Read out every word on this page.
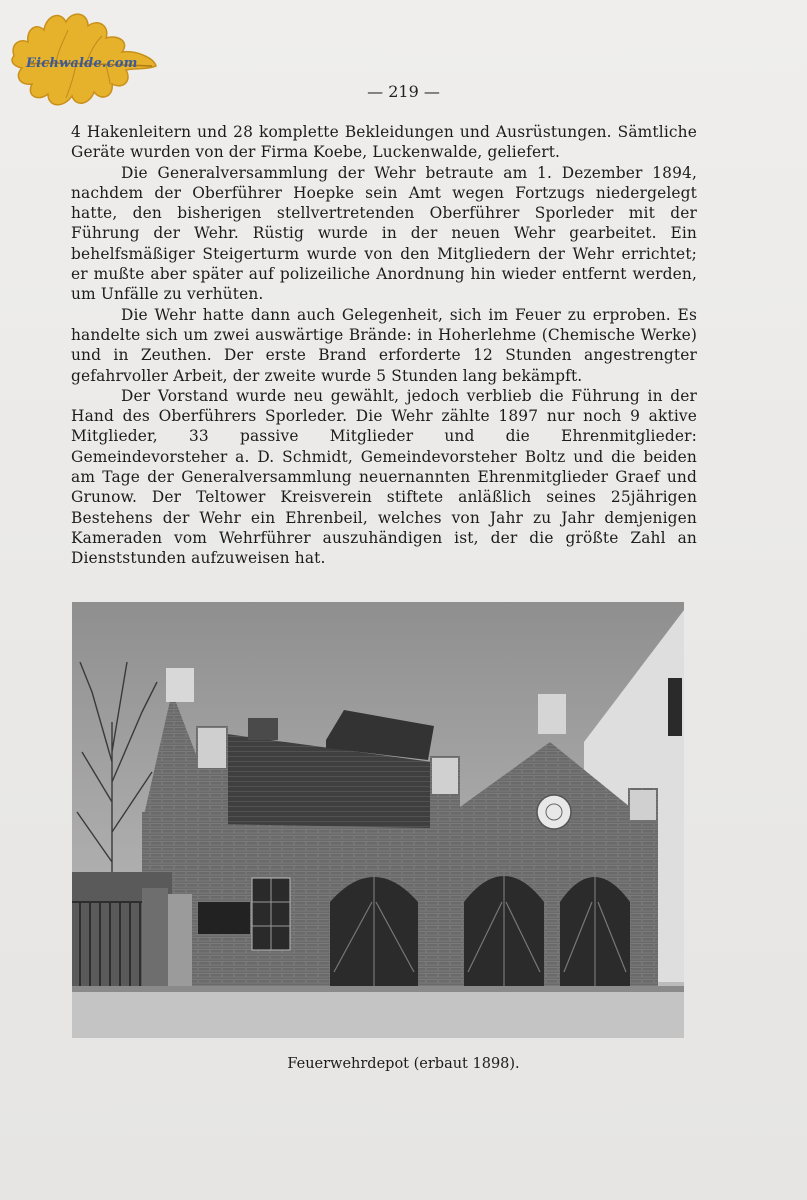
Eichwalde.com
— 219 —

4 Hakenleitern und 28 komplette Bekleidungen und Ausrüstungen. Sämtliche Geräte wurden von der Firma Koebe, Luckenwalde, geliefert.

Die Generalversammlung der Wehr betraute am 1. Dezember 1894, nachdem der Oberführer Hoepke sein Amt wegen Fortzugs niedergelegt hatte, den bisherigen stellvertretenden Oberführer Sporleder mit der Führung der Wehr. Rüstig wurde in der neuen Wehr gearbeitet. Ein behelfsmäßiger Steigerturm wurde von den Mitgliedern der Wehr errichtet; er mußte aber später auf polizeiliche Anordnung hin wieder entfernt werden, um Unfälle zu verhüten.

Die Wehr hatte dann auch Gelegenheit, sich im Feuer zu erproben. Es handelte sich um zwei auswärtige Brände: in Hoherlehme (Chemische Werke) und in Zeuthen. Der erste Brand erforderte 12 Stunden angestrengter gefahrvoller Arbeit, der zweite wurde 5 Stunden lang bekämpft.

Der Vorstand wurde neu gewählt, jedoch verblieb die Führung in der Hand des Oberführers Sporleder. Die Wehr zählte 1897 nur noch 9 aktive Mitglieder, 33 passive Mitglieder und die Ehrenmitglieder: Gemeindevorsteher a. D. Schmidt, Gemeindevorsteher Boltz und die beiden am Tage der Generalversammlung neuernannten Ehrenmitglieder Graef und Grunow. Der Teltower Kreisverein stiftete anläßlich seines 25jährigen Bestehens der Wehr ein Ehrenbeil, welches von Jahr zu Jahr demjenigen Kameraden vom Wehrführer auszuhändigen ist, der die größte Zahl an Dienststunden aufzuweisen hat.

Feuerwehrdepot (erbaut 1898).
